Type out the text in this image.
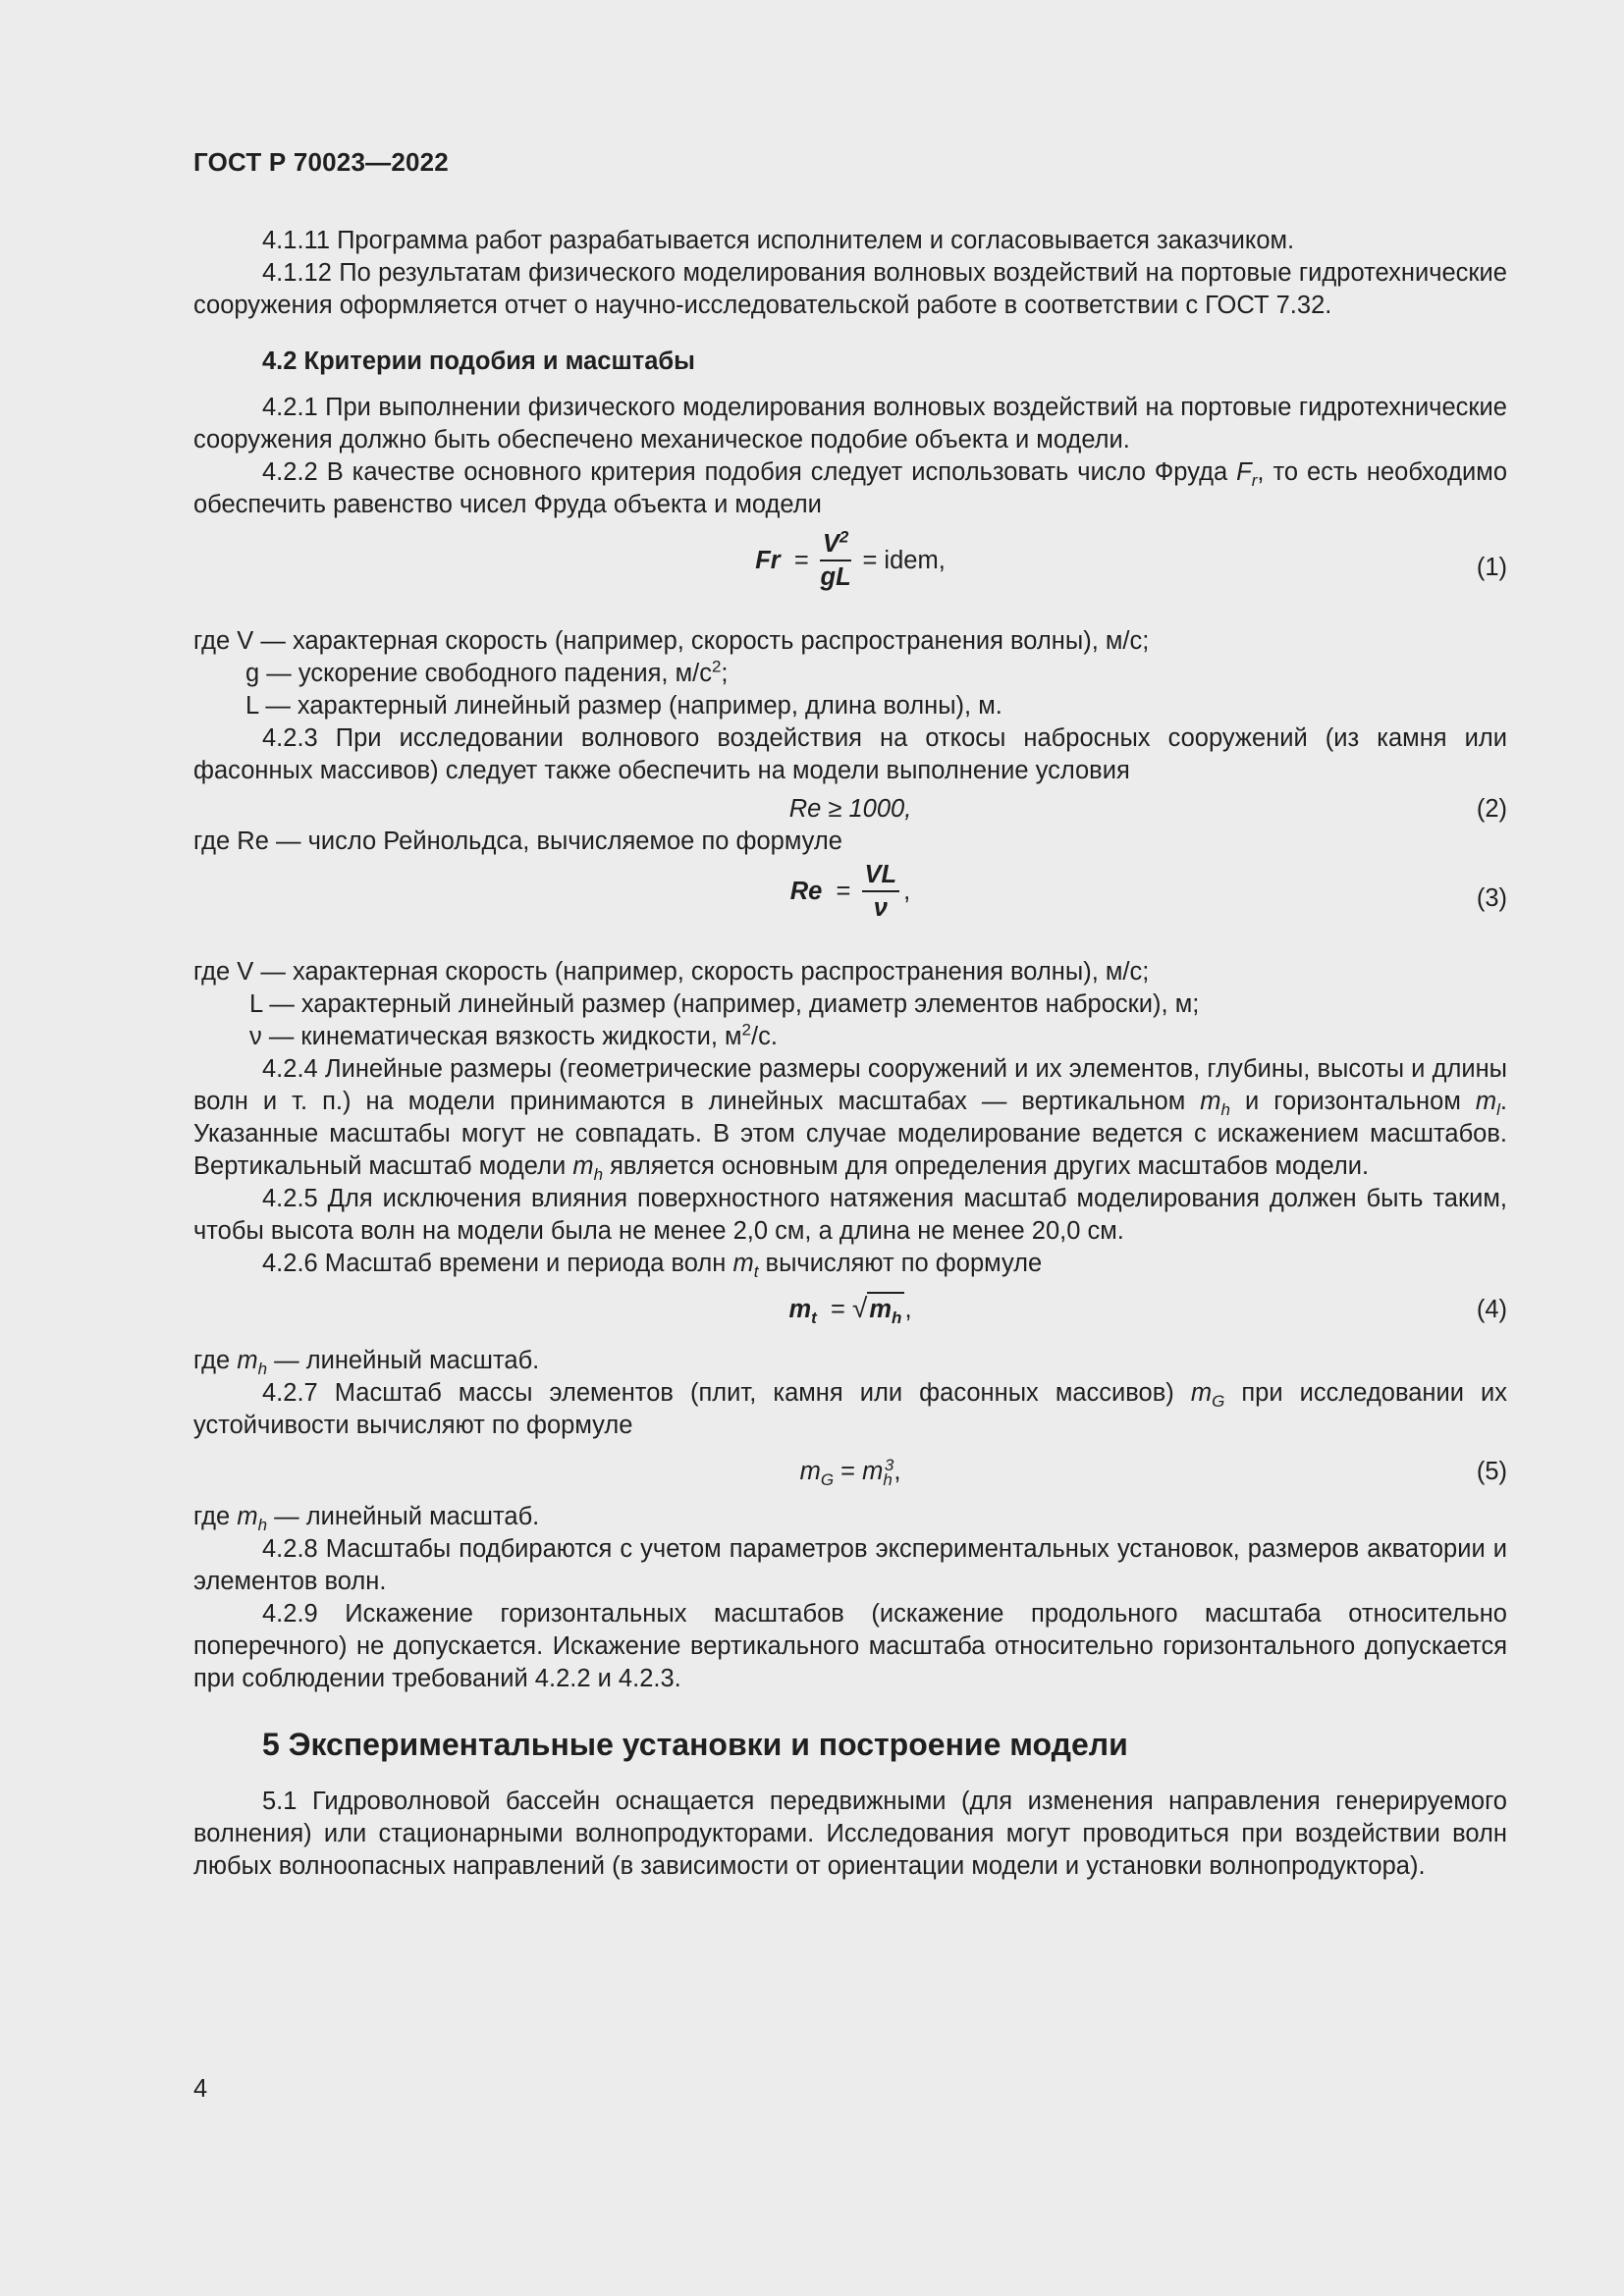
ГОСТ Р 70023—2022

4.1.11 Программа работ разрабатывается исполнителем и согласовывается заказчиком.

4.1.12 По результатам физического моделирования волновых воздействий на портовые гидротехнические сооружения оформляется отчет о научно-исследовательской работе в соответствии с ГОСТ 7.32.

4.2 Критерии подобия и масштабы

4.2.1 При выполнении физического моделирования волновых воздействий на портовые гидротехнические сооружения должно быть обеспечено механическое подобие объекта и модели.

4.2.2 В качестве основного критерия подобия следует использовать число Фруда $F_r$, то есть необходимо обеспечить равенство чисел Фруда объекта и модели

$Fr = \frac{V^2}{gL}$ = idem,	(1)

где V — характерная скорость (например, скорость распространения волны), м/с;

g — ускорение свободного падения, $м/с^2$;

L — характерный линейный размер (например, длина волны), м.

4.2.3 При исследовании волнового воздействия на откосы набросных сооружений (из камня или фасонных массивов) следует также обеспечить на модели выполнение условия

Re ≥ 1000,	(2)

где Re — число Рейнольдса, вычисляемое по формуле

$Re = \frac{VL}{\nu}$ ,	(3)

где V — характерная скорость (например, скорость распространения волны), м/с;

L — характерный линейный размер (например, диаметр элементов наброски), м;

ν — кинематическая вязкость жидкости, $м^2/с$.

4.2.4 Линейные размеры (геометрические размеры сооружений и их элементов, глубины, высоты и длины волн и т. п.) на модели принимаются в линейных масштабах — вертикальном $m_h$ и горизонтальном $m_l$. Указанные масштабы могут не совпадать. В этом случае моделирование ведется с искажением масштабов. Вертикальный масштаб модели $m_h$ является основным для определения других масштабов модели.

4.2.5 Для исключения влияния поверхностного натяжения масштаб моделирования должен быть таким, чтобы высота волн на модели была не менее 2,0 см, а длина не менее 20,0 см.

4.2.6 Масштаб времени и периода волн $m_t$ вычисляют по формуле

$m_t = √m_h$ ,	(4)

где $m_h$ — линейный масштаб.

4.2.7 Масштаб массы элементов (плит, камня или фасонных массивов) $m_G$ при исследовании их устойчивости вычисляют по формуле

$m_G = m_h^3$,	(5)

где $m_h$ — линейный масштаб.

4.2.8 Масштабы подбираются с учетом параметров экспериментальных установок, размеров акватории и элементов волн.

4.2.9 Искажение горизонтальных масштабов (искажение продольного масштаба относительно поперечного) не допускается. Искажение вертикального масштаба относительно горизонтального допускается при соблюдении требований 4.2.2 и 4.2.3.

5 Экспериментальные установки и построение модели

5.1 Гидроволновой бассейн оснащается передвижными (для изменения направления генерируемого волнения) или стационарными волнопродукторами. Исследования могут проводиться при воздействии волн любых волноопасных направлений (в зависимости от ориентации модели и установки волнопродуктора).

4
